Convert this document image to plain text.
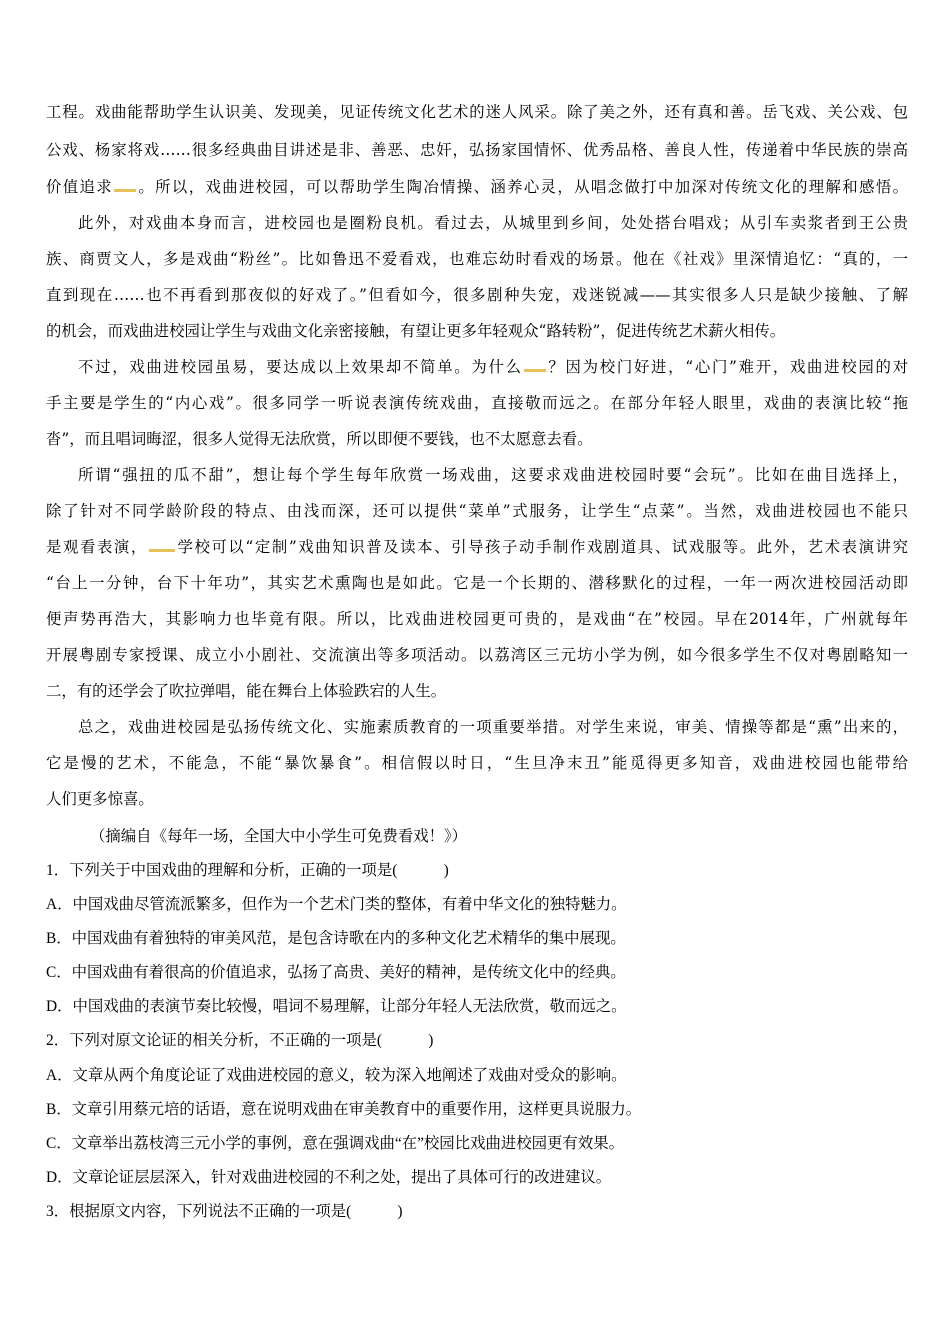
工程。戏曲能帮助学生认识美、发现美，见证传统文化艺术的迷人风采。除了美之外，还有真和善。岳飞戏、关公戏、包
公戏、杨家将戏……很多经典曲目讲述是非、善恶、忠奸，弘扬家国情怀、优秀品格、善良人性，传递着中华民族的崇高
价值追求 。所以，戏曲进校园，可以帮助学生陶冶情操、涵养心灵，从唱念做打中加深对传统文化的理解和感悟。
此外，对戏曲本身而言，进校园也是圈粉良机。看过去，从城里到乡间，处处搭台唱戏；从引车卖浆者到王公贵
族、商贾文人，多是戏曲“粉丝”。比如鲁迅不爱看戏，也难忘幼时看戏的场景。他在《社戏》里深情追忆：“真的，一
直到现在……也不再看到那夜似的好戏了。”但看如今，很多剧种失宠，戏迷锐减——其实很多人只是缺少接触、了解
的机会，而戏曲进校园让学生与戏曲文化亲密接触，有望让更多年轻观众“路转粉”，促进传统艺术薪火相传。
不过，戏曲进校园虽易，要达成以上效果却不简单。为什么 ？因为校门好进，“心门”难开，戏曲进校园的对
手主要是学生的“内心戏”。很多同学一听说表演传统戏曲，直接敬而远之。在部分年轻人眼里，戏曲的表演比较“拖
沓”，而且唱词晦涩，很多人觉得无法欣赏，所以即便不要钱，也不太愿意去看。
所谓“强扭的瓜不甜”，想让每个学生每年欣赏一场戏曲，这要求戏曲进校园时要“会玩”。比如在曲目选择上，
除了针对不同学龄阶段的特点、由浅而深，还可以提供“菜单”式服务，让学生“点菜”。当然，戏曲进校园也不能只
是观看表演， 学校可以“定制”戏曲知识普及读本、引导孩子动手制作戏剧道具、试戏服等。此外，艺术表演讲究
“台上一分钟，台下十年功”，其实艺术熏陶也是如此。它是一个长期的、潜移默化的过程，一年一两次进校园活动即
便声势再浩大，其影响力也毕竟有限。所以，比戏曲进校园更可贵的，是戏曲“在”校园。早在2014年，广州就每年
开展粤剧专家授课、成立小小剧社、交流演出等多项活动。以荔湾区三元坊小学为例，如今很多学生不仅对粤剧略知一
二，有的还学会了吹拉弹唱，能在舞台上体验跌宕的人生。
总之，戏曲进校园是弘扬传统文化、实施素质教育的一项重要举措。对学生来说，审美、情操等都是“熏”出来的，
它是慢的艺术，不能急，不能“暴饮暴食”。相信假以时日，“生旦净末丑”能觅得更多知音，戏曲进校园也能带给
人们更多惊喜。
（摘编自《每年一场，全国大中小学生可免费看戏！》）
1．下列关于中国戏曲的理解和分析，正确的一项是(　　　)
A．中国戏曲尽管流派繁多，但作为一个艺术门类的整体，有着中华文化的独特魅力。
B．中国戏曲有着独特的审美风范，是包含诗歌在内的多种文化艺术精华的集中展现。
C．中国戏曲有着很高的价值追求，弘扬了高贵、美好的精神，是传统文化中的经典。
D．中国戏曲的表演节奏比较慢，唱词不易理解，让部分年轻人无法欣赏，敬而远之。
2．下列对原文论证的相关分析，不正确的一项是(　　　)
A．文章从两个角度论证了戏曲进校园的意义，较为深入地阐述了戏曲对受众的影响。
B．文章引用蔡元培的话语，意在说明戏曲在审美教育中的重要作用，这样更具说服力。
C．文章举出荔枝湾三元小学的事例，意在强调戏曲“在”校园比戏曲进校园更有效果。
D．文章论证层层深入，针对戏曲进校园的不利之处，提出了具体可行的改进建议。
3．根据原文内容，下列说法不正确的一项是(　　　)
